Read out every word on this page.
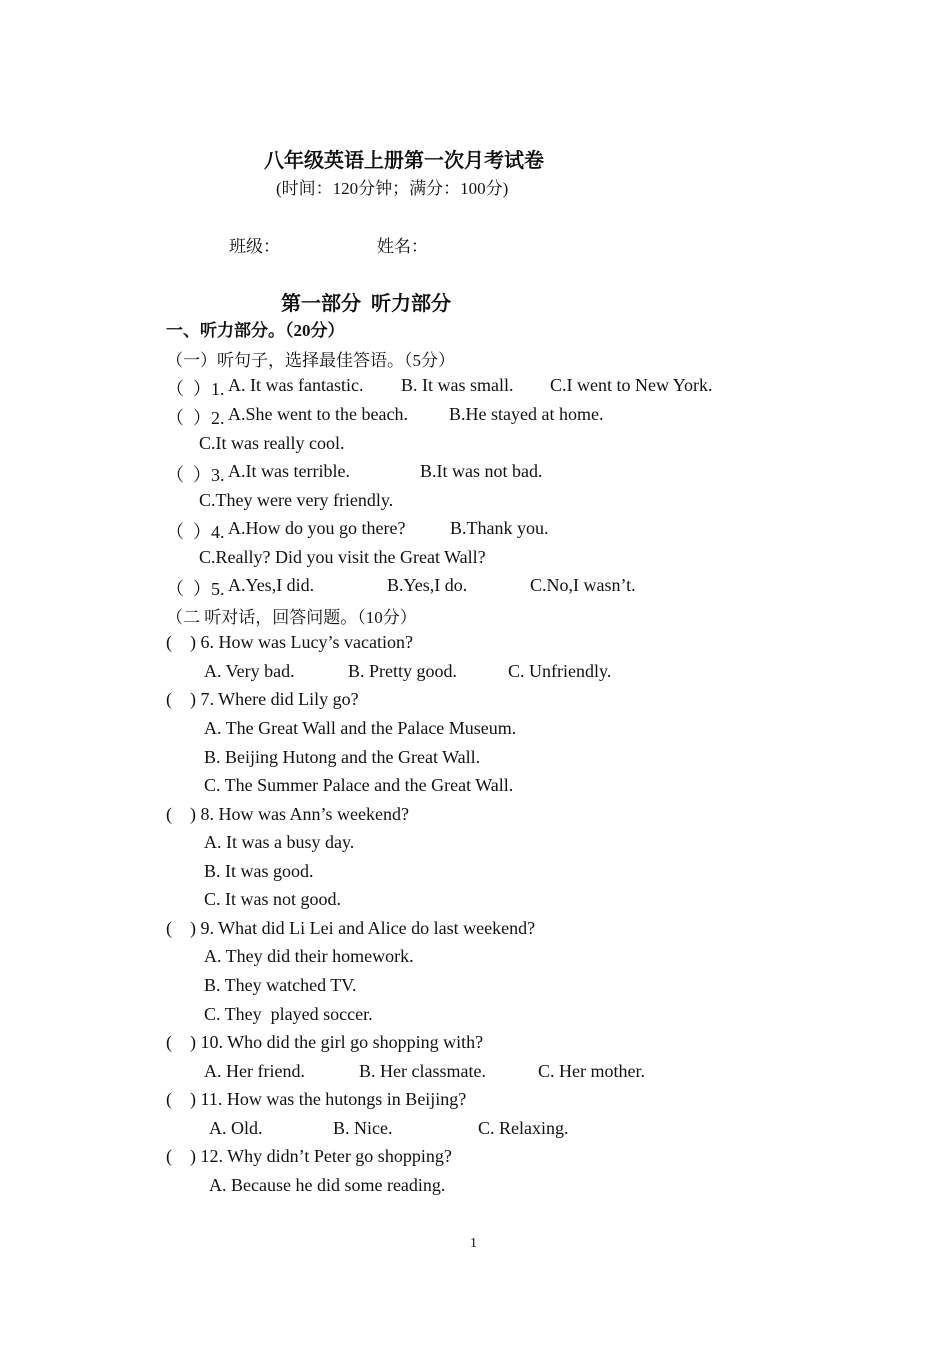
八年级英语上册第一次月考试卷
(时间：120分钟；满分：100分)
班级：	姓名：
第一部分  听力部分
一、听力部分。（20分）
（一）听句子，选择最佳答语。（5分）
（  ）1. A. It was fantastic. B. It was small. C.I went to New York.
（  ）2. A.She went to the beach. B.He stayed at home.
C.It was really cool.
（  ）3. A.It was terrible.	B.It was not bad.
C.They were very friendly.
（  ）4. A.How do you go there? B.Thank you.
C.Really? Did you visit the Great Wall?
（  ）5. A.Yes,I did.	B.Yes,I do.	C.No,I wasn’t.
（二 听对话，回答问题。（10分）
(    ) 6. How was Lucy’s vacation?
A. Very bad.	B. Pretty good.	C. Unfriendly.
(    ) 7. Where did Lily go?
A. The Great Wall and the Palace Museum.
B. Beijing Hutong and the Great Wall.
C. The Summer Palace and the Great Wall.
(    ) 8. How was Ann’s weekend?
A. It was a busy day.
B. It was good.
C. It was not good.
(    ) 9. What did Li Lei and Alice do last weekend?
A. They did their homework.
B. They watched TV.
C. They  played soccer.
(    ) 10. Who did the girl go shopping with?
A. Her friend.	B. Her classmate.	C. Her mother.
(    ) 11. How was the hutongs in Beijing?
A. Old.	B. Nice.	C. Relaxing.
(    ) 12. Why didn’t Peter go shopping?
A. Because he did some reading.
1
